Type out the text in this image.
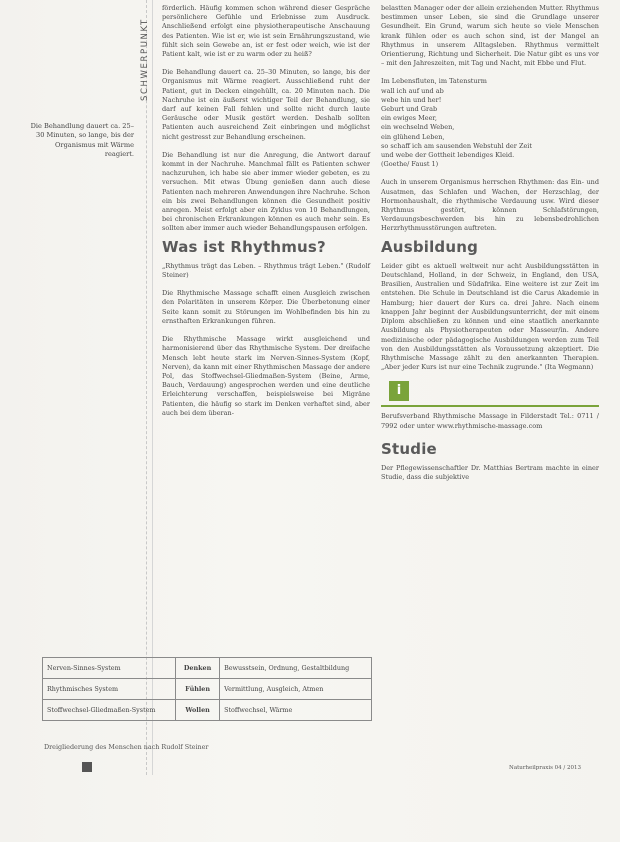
SCHWERPUNKT
Die Behandlung dauert ca. 25–30 Minuten, so lange, bis der Organismus mit Wärme reagiert.

förderlich. Häufig kommen schon während dieser Gespräche persönlichere Gefühle und Erlebnisse zum Ausdruck. Anschließend erfolgt eine physiotherapeutische Anschauung des Patienten. Wie ist er, wie ist sein Ernährungszustand, wie fühlt sich sein Gewebe an, ist er fest oder weich, wie ist der Patient kalt, wie ist er zu warm oder zu heiß?

Die Behandlung dauert ca. 25–30 Minuten, so lange, bis der Organismus mit Wärme reagiert. Ausschließend ruht der Patient, gut in Decken eingehüllt, ca. 20 Minuten nach. Die Nachruhe ist ein äußerst wichtiger Teil der Behandlung, sie darf auf keinen Fall fehlen und sollte nicht durch laute Geräusche oder Musik gestört werden. Deshalb sollten Patienten auch ausreichend Zeit einbringen und möglichst nicht gestresst zur Behandlung erscheinen.

Die Behandlung ist nur die Anregung, die Antwort darauf kommt in der Nachruhe. Manchmal fällt es Patienten schwer nachzuruhen, ich habe sie aber immer wieder gebeten, es zu versuchen. Mit etwas Übung genießen dann auch diese Patienten nach mehreren Anwendungen ihre Nachruhe. Schon ein bis zwei Behandlungen können die Gesundheit positiv anregen. Meist erfolgt aber ein Zyklus von 10 Behandlungen, bei chronischen Erkrankungen können es auch mehr sein. Es sollten aber immer auch wieder Behandlungspausen erfolgen.

Was ist Rhythmus?

„Rhythmus trägt das Leben. – Rhythmus trägt Leben." (Rudolf Steiner)

Die Rhythmische Massage schafft einen Ausgleich zwischen den Polaritäten in unserem Körper. Die Überbetonung einer Seite kann somit zu Störungen im Wohlbefinden bis hin zu ernsthaften Erkrankungen führen.

Die Rhythmische Massage wirkt ausgleichend und harmonisierend über das Rhythmische System. Der dreifache Mensch lebt heute stark im Nerven-Sinnes-System (Kopf, Nerven), da kann mit einer Rhythmischen Massage der andere Pol, das Stoffwechsel-Gliedmaßen-System (Beine, Arme, Bauch, Verdauung) angesprochen werden und eine deutliche Erleichterung verschaffen, beispielsweise bei Migräne Patienten, die häufig so stark im Denken verhaftet sind, aber auch bei dem überan-

belastten Manager oder der allein erziehenden Mutter. Rhythmus bestimmen unser Leben, sie sind die Grundlage unserer Gesundheit. Ein Grund, warum sich heute so viele Menschen krank fühlen oder es auch schon sind, ist der Mangel an Rhythmus in unserem Alltagsleben. Rhythmus vermittelt Orientierung, Richtung und Sicherheit. Die Natur gibt es uns vor – mit den Jahreszeiten, mit Tag und Nacht, mit Ebbe und Flut.

Im Lebensfluten, im Tatensturm
wall ich auf und ab
webe hin und her!
Geburt und Grab
ein ewiges Meer,
ein wechselnd Weben,
ein glühend Leben,
so schaff ich am sausenden Webstuhl der Zeit
und webe der Gottheit lebendiges Kleid.
(Goethe/ Faust 1)

Auch in unserem Organismus herrschen Rhythmen: das Ein- und Ausatmen, das Schlafen und Wachen, der Herzschlag, der Hormonhaushalt, die rhythmische Verdauung usw. Wird dieser Rhythmus gestört, können Schlafstörungen, Verdauungsbeschwerden bis hin zu lebensbedrohlichen Herzrhythmusstörungen auftreten.

Ausbildung

Leider gibt es aktuell weltweit nur acht Ausbildungsstätten in Deutschland, Holland, in der Schweiz, in England, den USA, Brasilien, Australien und Südafrika. Eine weitere ist zur Zeit im entstehen. Die Schule in Deutschland ist die Carus Akademie in Hamburg; hier dauert der Kurs ca. drei Jahre. Nach einem knappen Jahr beginnt der Ausbildungsunterricht, der mit einem Diplom abschließen zu können und eine staatlich anerkannte Ausbildung als Physiotherapeuten oder Masseur/in. Andere medizinische oder pädagogische Ausbildungen werden zum Teil von den Ausbildungsstätten als Voraussetzung akzeptiert. Die Rhythmische Massage zählt zu den anerkannten Therapien. „Aber jeder Kurs ist nur eine Technik zugrunde." (Ita Wegmann)

i
Berufsverband Rhythmische Massage in Filderstadt Tel.: 0711 / 7992 oder unter www.rhythmische-massage.com
Studie

Der Pflegewissenschaftler Dr. Matthias Bertram machte in einer Studie, dass die subjektive

Nerven-Sinnes-System	Denken	Bewusstsein, Ordnung, Gestaltbildung
Rhythmisches System	Fühlen	Vermittlung, Ausgleich, Atmen
Stoffwechsel-Gliedmaßen-System	Wollen	Stoffwechsel, Wärme
Dreigliederung des Menschen nach Rudolf Steiner
Naturheilpraxis 04 / 2013
